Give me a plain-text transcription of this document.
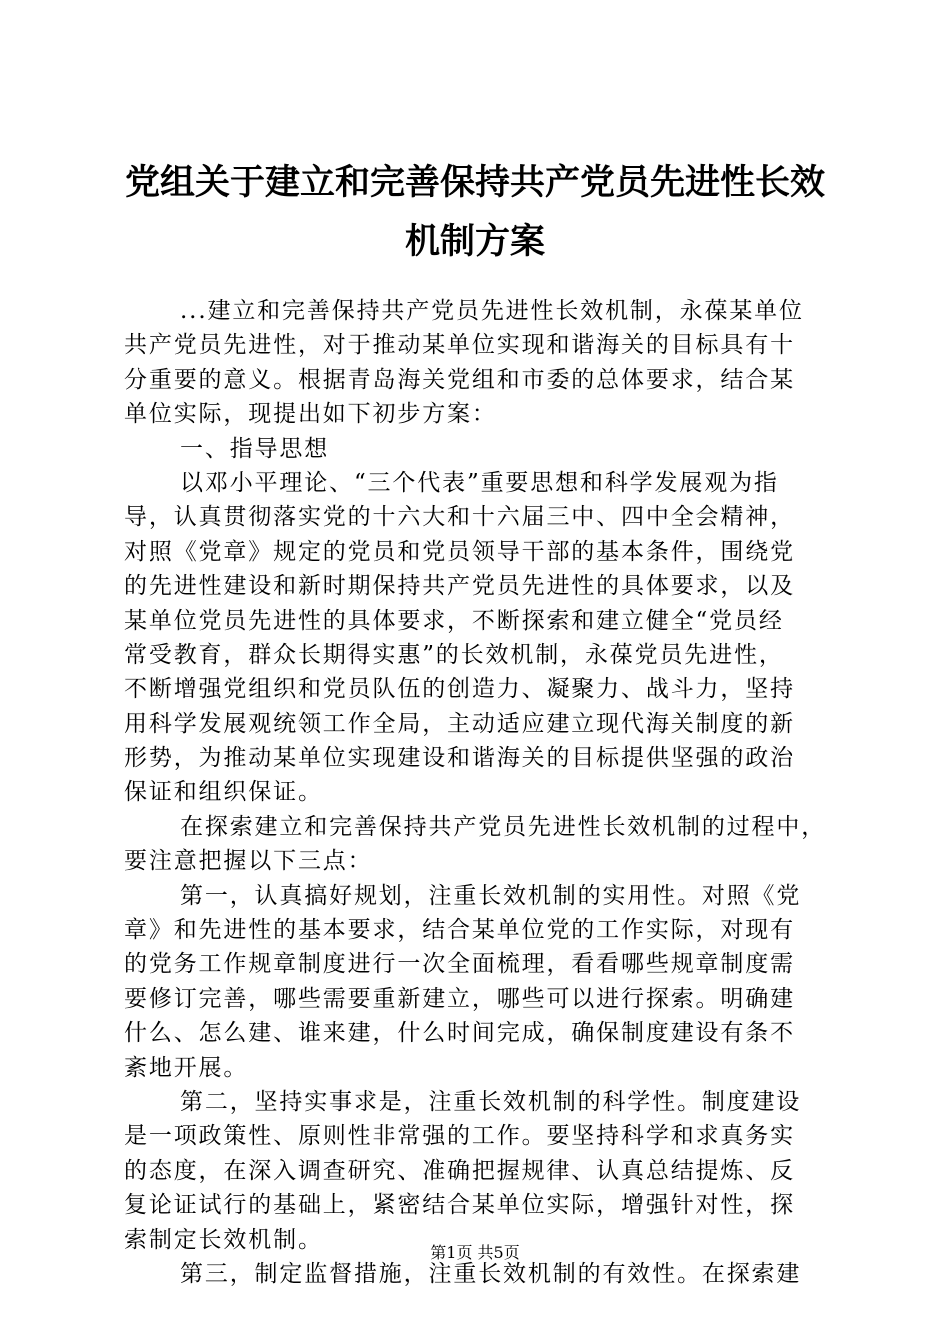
党组关于建立和完善保持共产党员先进性长效
机制方案
...建立和完善保持共产党员先进性长效机制，永葆某单位
共产党员先进性，对于推动某单位实现和谐海关的目标具有十
分重要的意义。根据青岛海关党组和市委的总体要求，结合某
单位实际，现提出如下初步方案：
一、指导思想
以邓小平理论、“三个代表”重要思想和科学发展观为指
导，认真贯彻落实党的十六大和十六届三中、四中全会精神，
对照《党章》规定的党员和党员领导干部的基本条件，围绕党
的先进性建设和新时期保持共产党员先进性的具体要求，以及
某单位党员先进性的具体要求，不断探索和建立健全“党员经
常受教育，群众长期得实惠”的长效机制，永葆党员先进性，
不断增强党组织和党员队伍的创造力、凝聚力、战斗力，坚持
用科学发展观统领工作全局，主动适应建立现代海关制度的新
形势，为推动某单位实现建设和谐海关的目标提供坚强的政治
保证和组织保证。
在探索建立和完善保持共产党员先进性长效机制的过程中，
要注意把握以下三点：
第一，认真搞好规划，注重长效机制的实用性。对照《党
章》和先进性的基本要求，结合某单位党的工作实际，对现有
的党务工作规章制度进行一次全面梳理，看看哪些规章制度需
要修订完善，哪些需要重新建立，哪些可以进行探索。明确建
什么、怎么建、谁来建，什么时间完成，确保制度建设有条不
紊地开展。
第二，坚持实事求是，注重长效机制的科学性。制度建设
是一项政策性、原则性非常强的工作。要坚持科学和求真务实
的态度，在深入调查研究、准确把握规律、认真总结提炼、反
复论证试行的基础上，紧密结合某单位实际，增强针对性，探
索制定长效机制。
第三，制定监督措施，注重长效机制的有效性。在探索建
第1页 共5页
